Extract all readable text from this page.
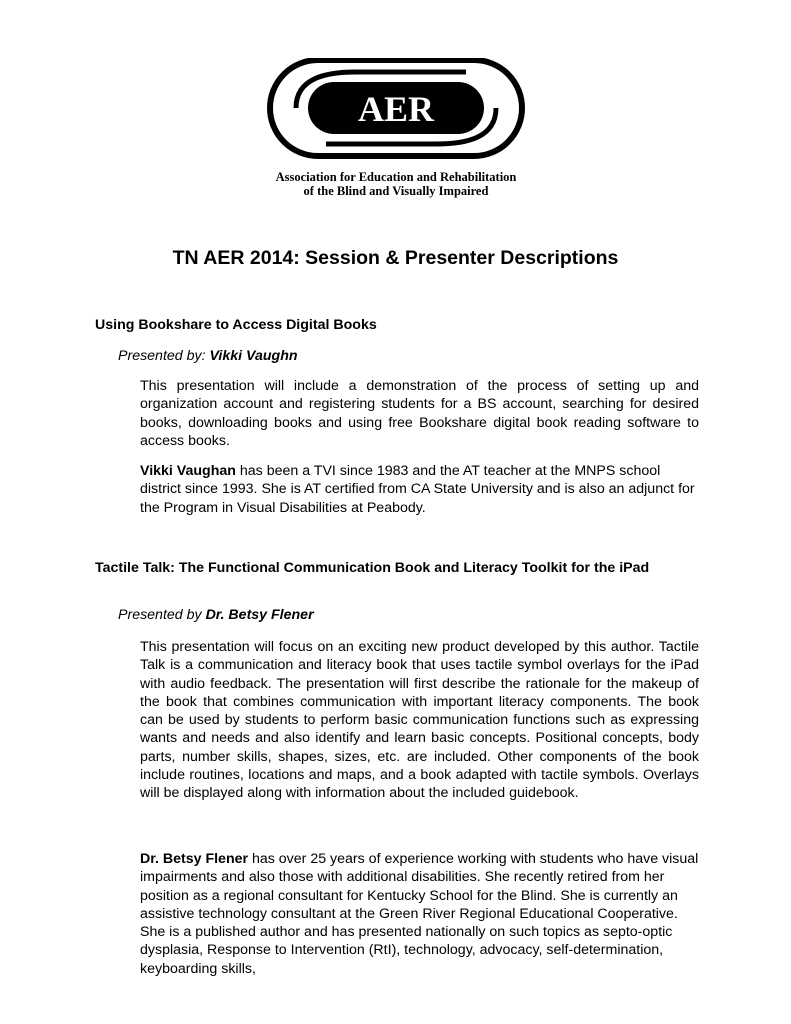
AER
Association for Education and Rehabilitation
of the Blind and Visually Impaired
TN AER 2014: Session & Presenter Descriptions

Using Bookshare to Access Digital Books

Presented by: Vikki Vaughn

This presentation will include a demonstration of the process of setting up and organization account and registering students for a BS account, searching for desired books, downloading books and using free Bookshare digital book reading software to access books.

Vikki Vaughan has been a TVI since 1983 and the AT teacher at the MNPS school district since 1993. She is AT certified from CA State University and is also an adjunct for the Program in Visual Disabilities at Peabody.

Tactile Talk: The Functional Communication Book and Literacy Toolkit for the iPad

Presented by Dr. Betsy Flener

This presentation will focus on an exciting new product developed by this author. Tactile Talk is a communication and literacy book that uses tactile symbol overlays for the iPad with audio feedback. The presentation will first describe the rationale for the makeup of the book that combines communication with important literacy components. The book can be used by students to perform basic communication functions such as expressing wants and needs and also identify and learn basic concepts. Positional concepts, body parts, number skills, shapes, sizes, etc. are included. Other components of the book include routines, locations and maps, and a book adapted with tactile symbols. Overlays will be displayed along with information about the included guidebook.

Dr. Betsy Flener has over 25 years of experience working with students who have visual impairments and also those with additional disabilities. She recently retired from her position as a regional consultant for Kentucky School for the Blind. She is currently an assistive technology consultant at the Green River Regional Educational Cooperative. She is a published author and has presented nationally on such topics as septo-optic dysplasia, Response to Intervention (RtI), technology, advocacy, self-determination, keyboarding skills,
